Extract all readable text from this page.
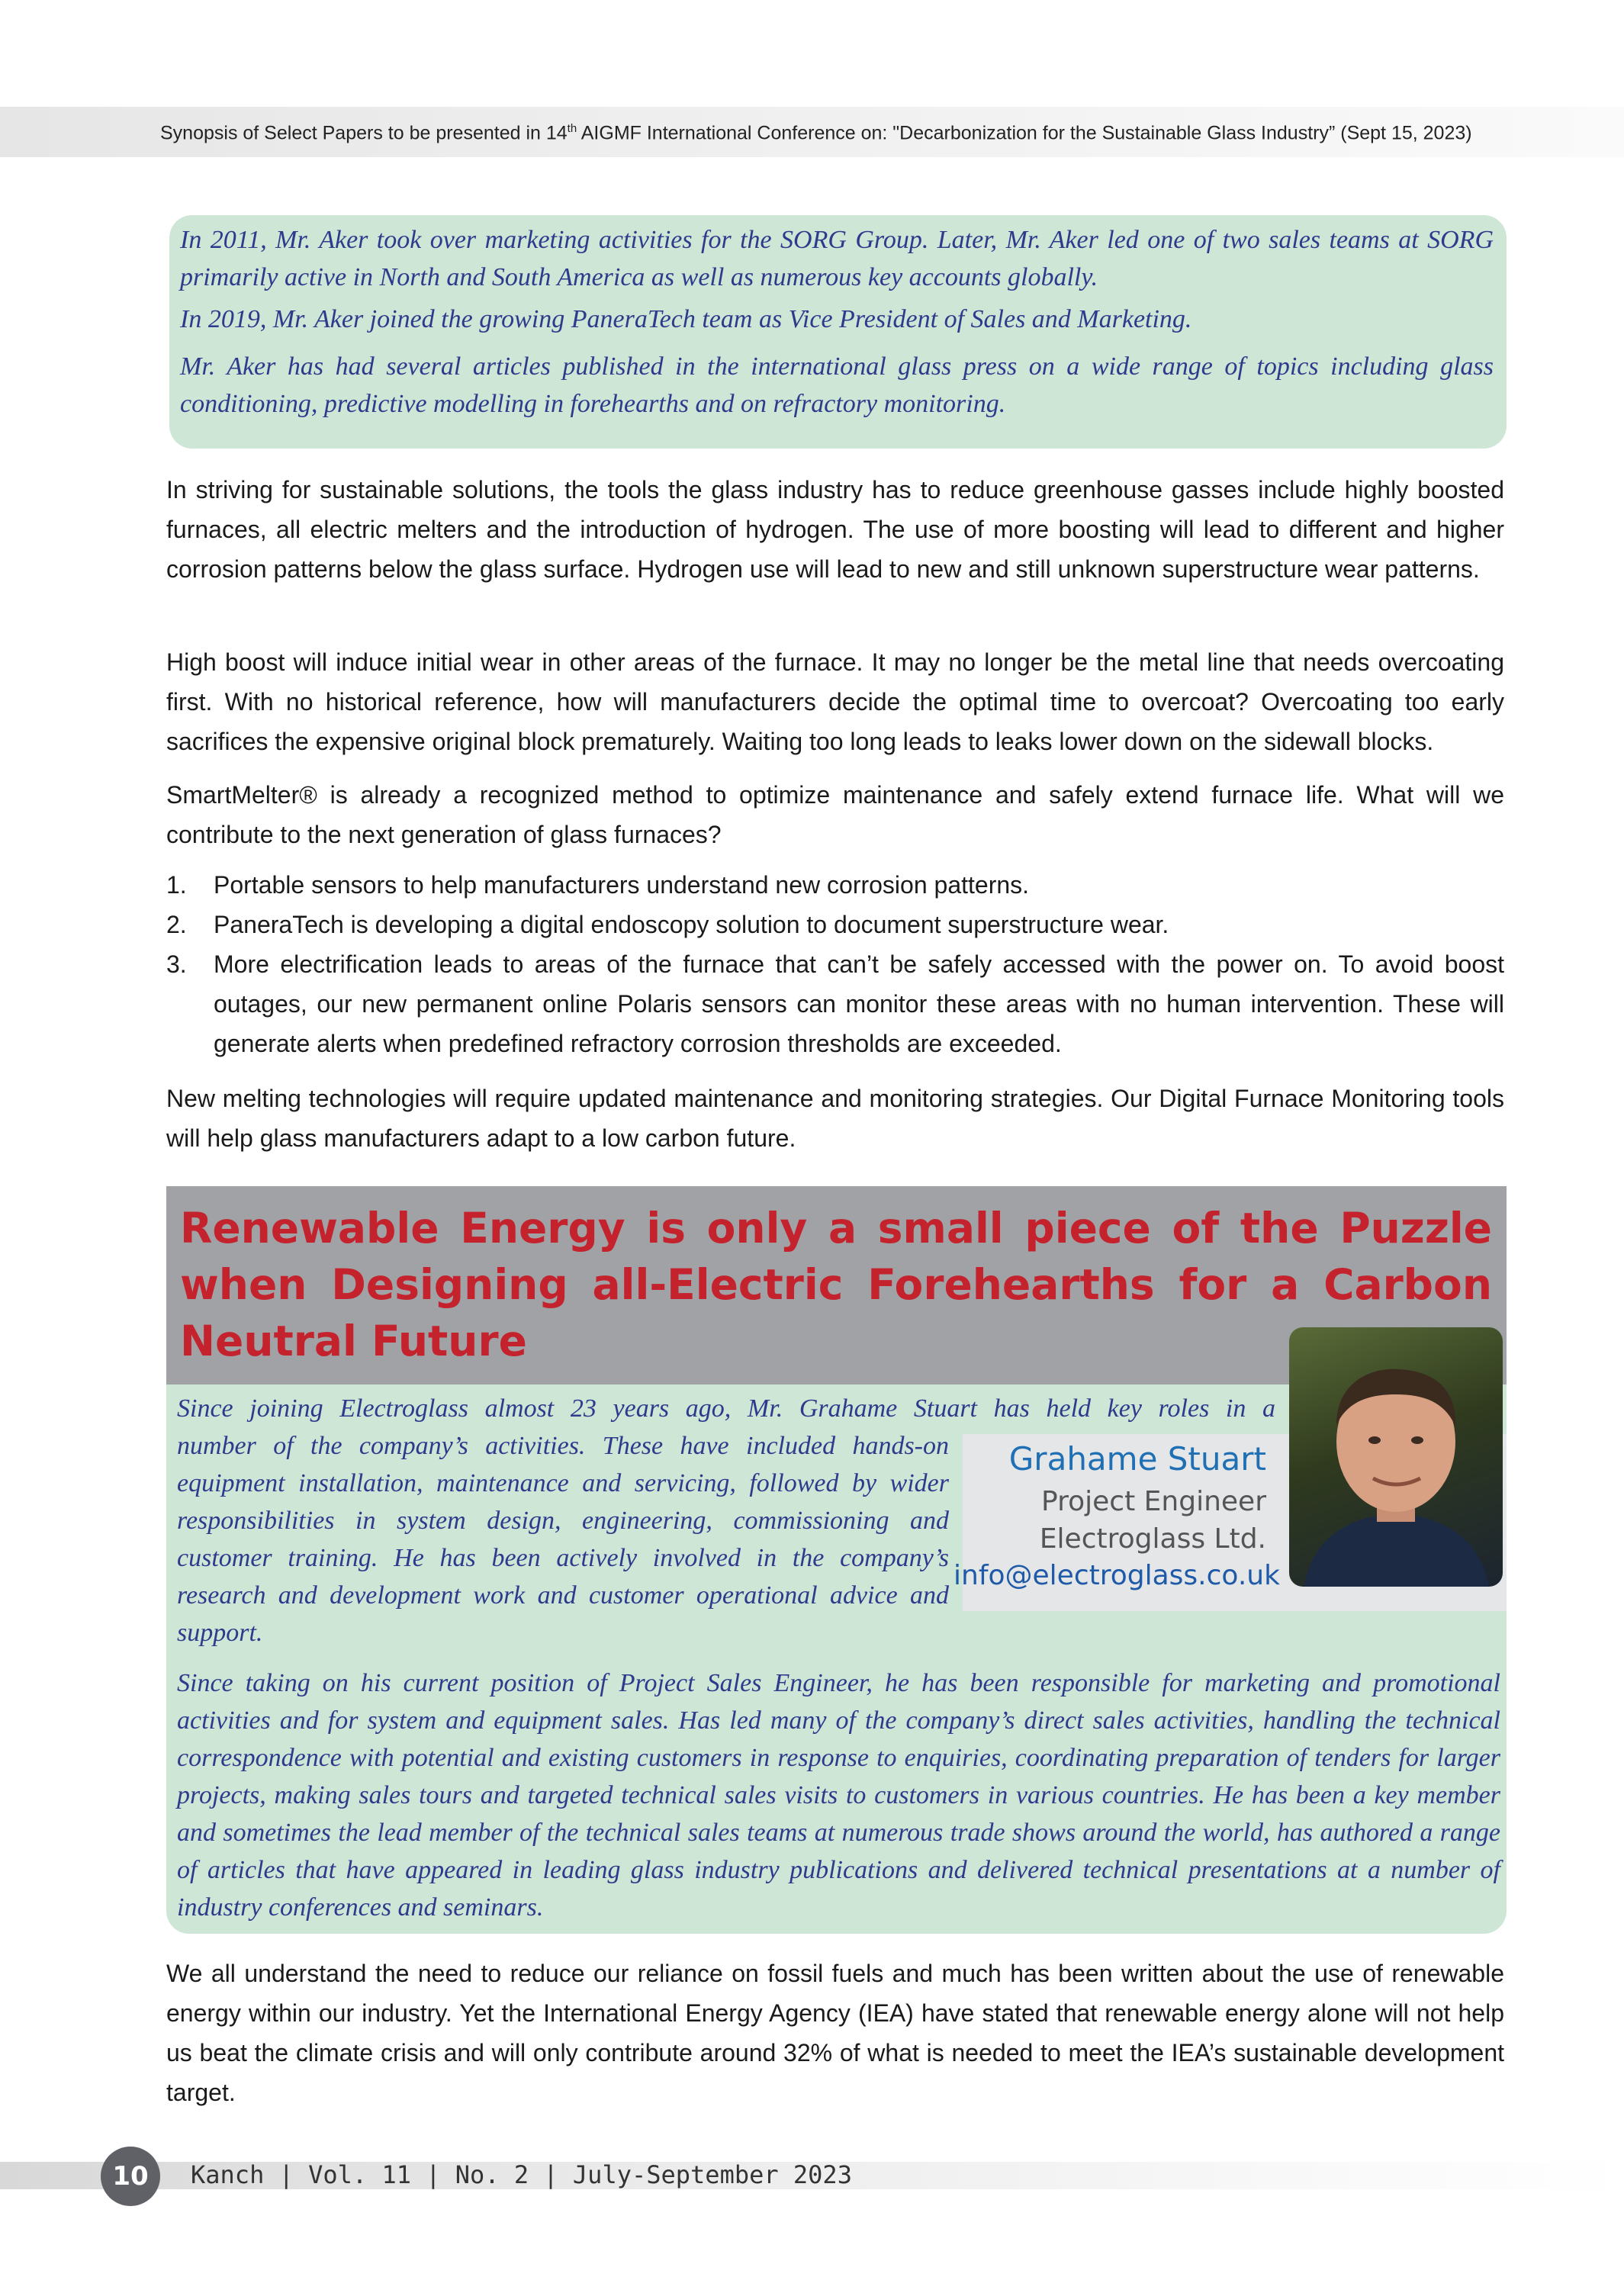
Synopsis of Select Papers to be presented in 14th AIGMF International Conference on: "Decarbonization for the Sustainable Glass Industry” (Sept 15, 2023)

In 2011, Mr. Aker took over marketing activities for the SORG Group. Later, Mr. Aker led one of two sales teams at SORG primarily active in North and South America as well as numerous key accounts globally.

In 2019, Mr. Aker joined the growing PaneraTech team as Vice President of Sales and Marketing.

Mr. Aker has had several articles published in the international glass press on a wide range of topics including glass conditioning, predictive modelling in forehearths and on refractory monitoring.

In striving for sustainable solutions, the tools the glass industry has to reduce greenhouse gasses include highly boosted furnaces, all electric melters and the introduction of hydrogen. The use of more boosting will lead to different and higher corrosion patterns below the glass surface. Hydrogen use will lead to new and still unknown superstructure wear patterns.

High boost will induce initial wear in other areas of the furnace. It may no longer be the metal line that needs overcoating first. With no historical reference, how will manufacturers decide the optimal time to overcoat? Overcoating too early sacrifices the expensive original block prematurely. Waiting too long leads to leaks lower down on the sidewall blocks.

SmartMelter® is already a recognized method to optimize maintenance and safely extend furnace life. What will we contribute to the next generation of glass furnaces?

1. Portable sensors to help manufacturers understand new corrosion patterns.
2. PaneraTech is developing a digital endoscopy solution to document superstructure wear.
3. More electrification leads to areas of the furnace that can’t be safely accessed with the power on. To avoid boost outages, our new permanent online Polaris sensors can monitor these areas with no human intervention. These will generate alerts when predefined refractory corrosion thresholds are exceeded.

New melting technologies will require updated maintenance and monitoring strategies. Our Digital Furnace Monitoring tools will help glass manufacturers adapt to a low carbon future.

Renewable Energy is only a small piece of the Puzzle when Designing all-Electric Forehearths for a Carbon Neutral Future

Grahame Stuart
Project Engineer
Electroglass Ltd.
info@electroglass.co.uk

Since joining Electroglass almost 23 years ago, Mr. Grahame Stuart has held key roles in a

number of the company’s activities. These have included hands-on equipment installation, maintenance and servicing, followed by wider responsibilities in system design, engineering, commissioning and customer training. He has been actively involved in the company’s research and development work and customer operational advice and support.

Since taking on his current position of Project Sales Engineer, he has been responsible for marketing and promotional activities and for system and equipment sales. Has led many of the company’s direct sales activities, handling the technical correspondence with potential and existing customers in response to enquiries, coordinating preparation of tenders for larger projects, making sales tours and targeted technical sales visits to customers in various countries. He has been a key member and sometimes the lead member of the technical sales teams at numerous trade shows around the world, has authored a range of articles that have appeared in leading glass industry publications and delivered technical presentations at a number of industry conferences and seminars.

We all understand the need to reduce our reliance on fossil fuels and much has been written about the use of renewable energy within our industry. Yet the International Energy Agency (IEA) have stated that renewable energy alone will not help us beat the climate crisis and will only contribute around 32% of what is needed to meet the IEA’s sustainable development target.

10	Kanch | Vol. 11 | No. 2 | July-September 2023
